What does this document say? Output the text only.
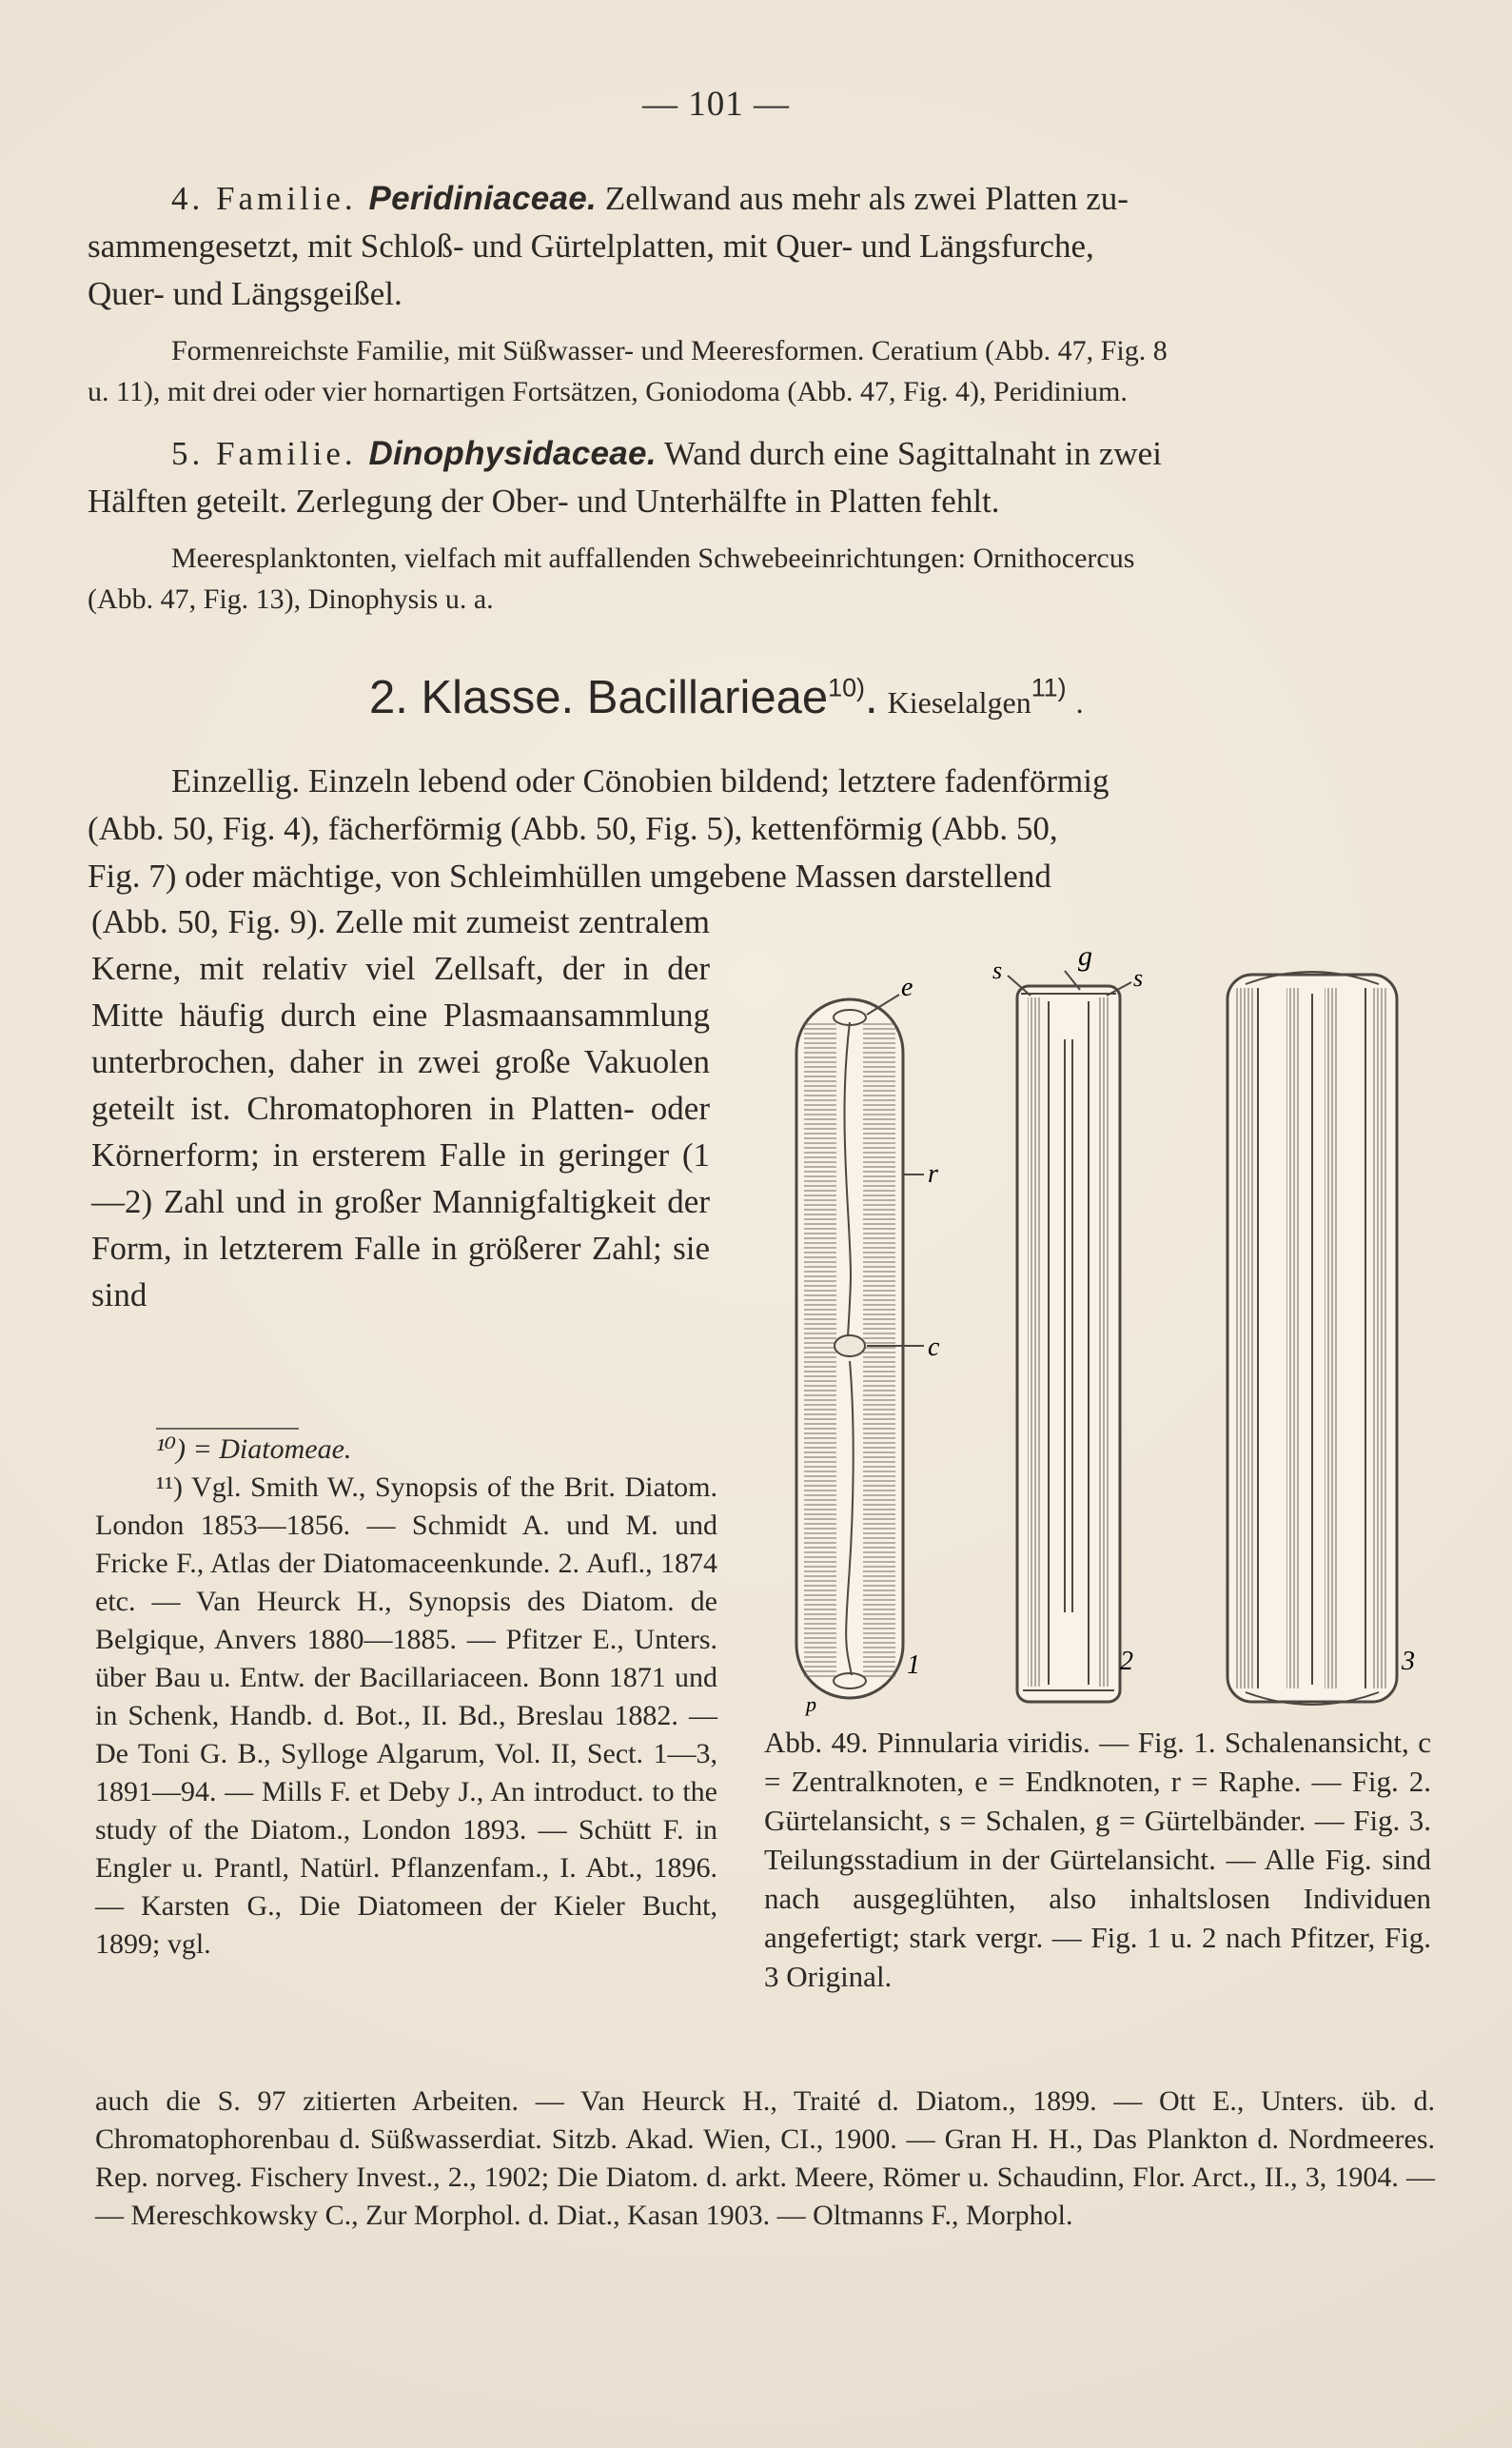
— 101 —
4. Familie. Peridiniaceae. Zellwand aus mehr als zwei Platten zu-
sammengesetzt, mit Schloß- und Gürtelplatten, mit Quer- und Längsfurche,
Quer- und Längsgeißel.
Formenreichste Familie, mit Süßwasser- und Meeresformen. Ceratium (Abb. 47, Fig. 8
u. 11), mit drei oder vier hornartigen Fortsätzen, Goniodoma (Abb. 47, Fig. 4), Peridinium.
5. Familie. Dinophysidaceae. Wand durch eine Sagittalnaht in zwei
Hälften geteilt. Zerlegung der Ober- und Unterhälfte in Platten fehlt.
Meeresplanktonten, vielfach mit auffallenden Schwebeeinrichtungen: Ornithocercus
(Abb. 47, Fig. 13), Dinophysis u. a.
2. Klasse. Bacillarieae$^{10)}$. Kieselalgen$^{11)}$ .
Einzellig. Einzeln lebend oder Cönobien bildend; letztere fadenförmig
(Abb. 50, Fig. 4), fächerförmig (Abb. 50, Fig. 5), kettenförmig (Abb. 50,
Fig. 7) oder mächtige, von Schleimhüllen umgebene Massen darstellend
(Abb. 50, Fig. 9). Zelle mit zumeist zentralem Kerne, mit relativ viel Zellsaft, der in der Mitte häufig durch eine Plasmaansammlung unterbrochen, daher in zwei große Vakuolen geteilt ist. Chromatophoren in Platten- oder Körnerform; in ersterem Falle in geringer (1—2) Zahl und in großer Mannigfaltigkeit der Form, in letzterem Falle in größerer Zahl; sie sind
¹⁰) = Diatomeae.
¹¹) Vgl. Smith W., Synopsis of the Brit. Diatom. London 1853—1856. — Schmidt A. und M. und Fricke F., Atlas der Diatomaceenkunde. 2. Aufl., 1874 etc. — Van Heurck H., Synopsis des Diatom. de Belgique, Anvers 1880—1885. — Pfitzer E., Unters. über Bau u. Entw. der Bacillariaceen. Bonn 1871 und in Schenk, Handb. d. Bot., II. Bd., Breslau 1882. — De Toni G. B., Sylloge Algarum, Vol. II, Sect. 1—3, 1891—94. — Mills F. et Deby J., An introduct. to the study of the Diatom., London 1893. — Schütt F. in Engler u. Prantl, Natürl. Pflanzenfam., I. Abt., 1896. — Karsten G., Die Diatomeen der Kieler Bucht, 1899; vgl.
auch die S. 97 zitierten Arbeiten. — Van Heurck H., Traité d. Diatom., 1899. — Ott E., Unters. üb. d. Chromatophorenbau d. Süßwasserdiat. Sitzb. Akad. Wien, CI., 1900. — Gran H. H., Das Plankton d. Nordmeeres. Rep. norveg. Fischery Invest., 2., 1902; Die Diatom. d. arkt. Meere, Römer u. Schaudinn, Flor. Arct., II., 3, 1904. — — Mereschkowsky C., Zur Morphol. d. Diat., Kasan 1903. — Oltmanns F., Morphol.
e
r
c
1
p
s	g
s
2	3
Abb. 49. Pinnularia viridis. — Fig. 1. Schalenansicht, c = Zentralknoten, e = Endknoten, r = Raphe. — Fig. 2. Gürtelansicht, s = Schalen, g = Gürtelbänder. — Fig. 3. Teilungsstadium in der Gürtelansicht. — Alle Fig. sind nach ausgeglühten, also inhaltslosen Individuen angefertigt; stark vergr. — Fig. 1 u. 2 nach Pfitzer, Fig. 3 Original.
